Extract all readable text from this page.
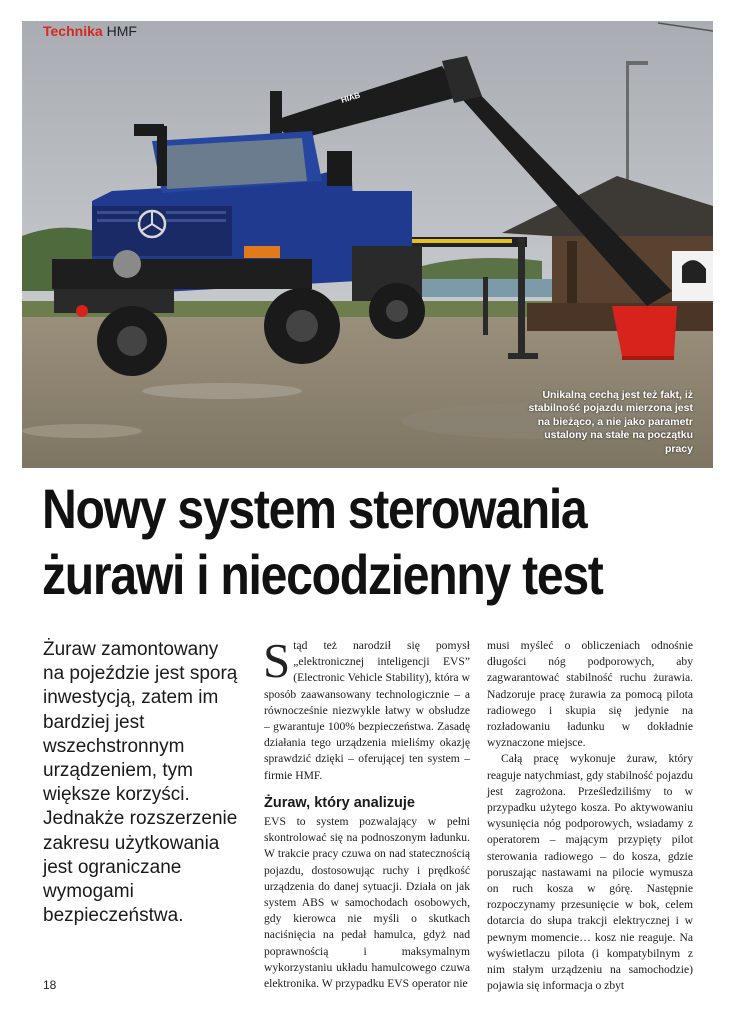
HIAB
Unikalną cechą jest też fakt, iż stabilność pojazdu mierzona jest na bieżąco, a nie jako parametr ustalony na stałe na początku pracy
Technika HMF
Nowy system sterowania
żurawi i niecodzienny test

Żuraw zamontowany na pojeździe jest sporą inwestycją, zatem im bardziej jest wszechstronnym urządzeniem, tym większe korzyści. Jednakże rozszerzenie zakresu użytkowania jest ograniczane wymogami bezpieczeństwa.

Stąd też narodził się pomysł „elektronicznej inteligencji EVS” (Electronic Vehicle Stability), która w sposób zaawansowany technologicznie – a równocześnie niezwykle łatwy w obsłudze – gwarantuje 100% bezpieczeństwa. Zasadę działania tego urządzenia mieliśmy okazję sprawdzić dzięki – oferującej ten system – firmie HMF.

Żuraw, który analizuje

EVS to system pozwalający w pełni skontrolować się na podnoszonym ładunku. W trakcie pracy czuwa on nad statecznością pojazdu, dostosowując ruchy i prędkość urządzenia do danej sytuacji. Działa on jak system ABS w samochodach osobowych, gdy kierowca nie myśli o skutkach naciśnięcia na pedał hamulca, gdyż nad poprawnością i maksymalnym wykorzystaniu układu hamulcowego czuwa elektronika. W przypadku EVS operator nie

musi myśleć o obliczeniach odnośnie długości nóg podporowych, aby zagwarantować stabilność ruchu żurawia. Nadzoruje pracę żurawia za pomocą pilota radiowego i skupia się jedynie na rozładowaniu ładunku w dokładnie wyznaczone miejsce.

Całą pracę wykonuje żuraw, który reaguje natychmiast, gdy stabilność pojazdu jest zagrożona. Prześledziliśmy to w przypadku użytego kosza. Po aktywowaniu wysunięcia nóg podporowych, wsiadamy z operatorem – mającym przypięty pilot sterowania radiowego – do kosza, gdzie poruszając nastawami na pilocie wymusza on ruch kosza w górę. Następnie rozpoczynamy przesunięcie w bok, celem dotarcia do słupa trakcji elektrycznej i w pewnym momencie… kosz nie reaguje. Na wyświetlaczu pilota (i kompatybilnym z nim stałym urządzeniu na samochodzie) pojawia się informacja o zbyt

18
